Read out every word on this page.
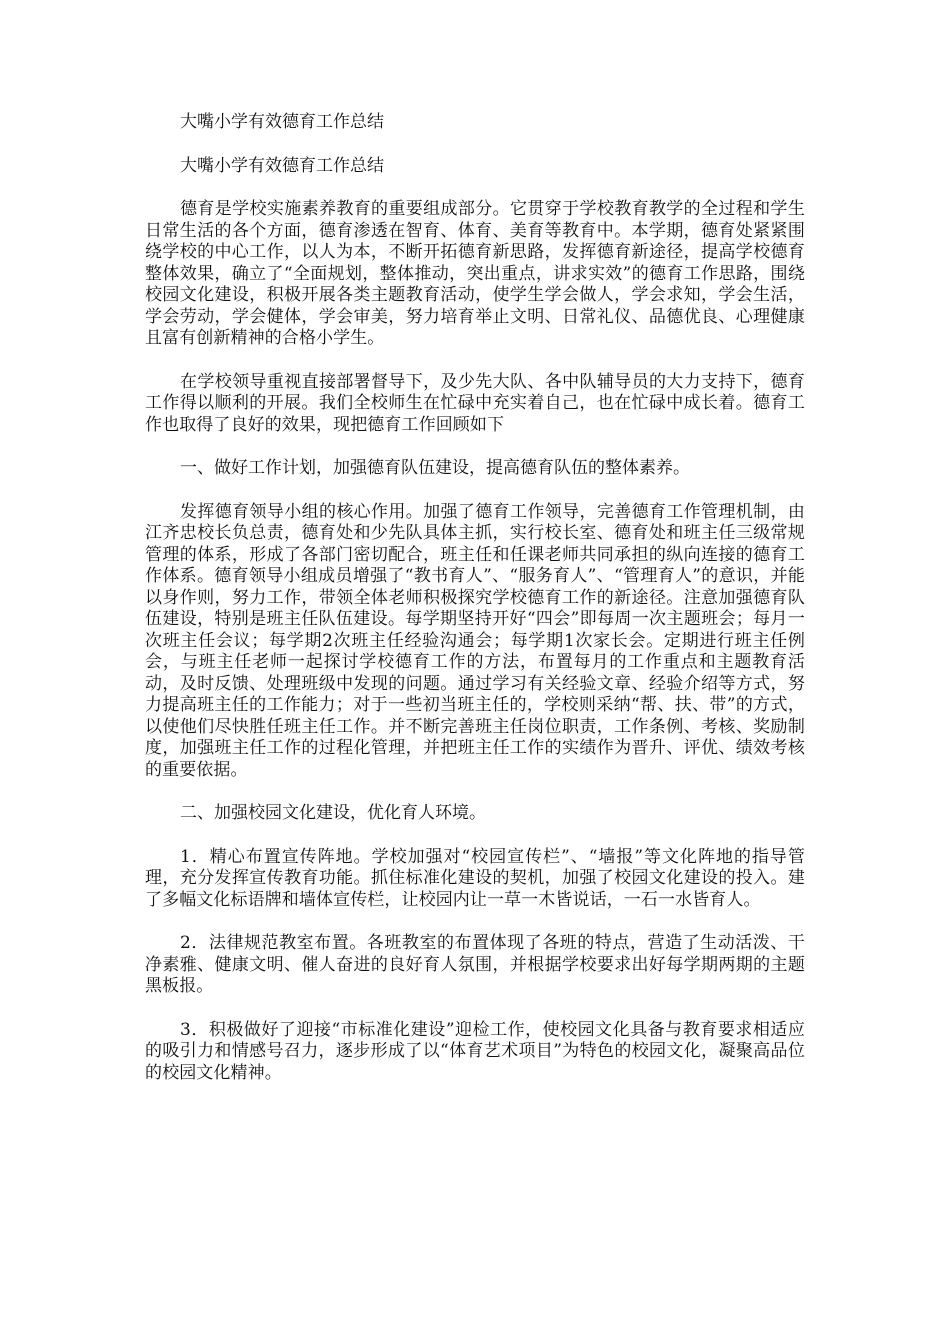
大嘴小学有效德育工作总结

大嘴小学有效德育工作总结

德育是学校实施素养教育的重要组成部分。它贯穿于学校教育教学的全过程和学生日常生活的各个方面，德育渗透在智育、体育、美育等教育中。本学期，德育处紧紧围绕学校的中心工作，以人为本，不断开拓德育新思路，发挥德育新途径，提高学校德育整体效果，确立了“全面规划，整体推动，突出重点，讲求实效”的德育工作思路，围绕校园文化建设，积极开展各类主题教育活动，使学生学会做人，学会求知，学会生活，学会劳动，学会健体，学会审美，努力培育举止文明、日常礼仪、品德优良、心理健康且富有创新精神的合格小学生。

在学校领导重视直接部署督导下，及少先大队、各中队辅导员的大力支持下，德育工作得以顺利的开展。我们全校师生在忙碌中充实着自己，也在忙碌中成长着。德育工作也取得了良好的效果，现把德育工作回顾如下

一、做好工作计划，加强德育队伍建设，提高德育队伍的整体素养。

发挥德育领导小组的核心作用。加强了德育工作领导，完善德育工作管理机制，由江齐忠校长负总责，德育处和少先队具体主抓，实行校长室、德育处和班主任三级常规管理的体系，形成了各部门密切配合，班主任和任课老师共同承担的纵向连接的德育工作体系。德育领导小组成员增强了“教书育人”、“服务育人”、“管理育人”的意识，并能以身作则，努力工作，带领全体老师积极探究学校德育工作的新途径。注意加强德育队伍建设，特别是班主任队伍建设。每学期坚持开好“四会”即每周一次主题班会；每月一次班主任会议；每学期2次班主任经验沟通会；每学期1次家长会。定期进行班主任例会，与班主任老师一起探讨学校德育工作的方法，布置每月的工作重点和主题教育活动，及时反馈、处理班级中发现的问题。通过学习有关经验文章、经验介绍等方式，努力提高班主任的工作能力；对于一些初当班主任的，学校则采纳“帮、扶、带”的方式，以使他们尽快胜任班主任工作。并不断完善班主任岗位职责，工作条例、考核、奖励制度，加强班主任工作的过程化管理，并把班主任工作的实绩作为晋升、评优、绩效考核的重要依据。

二、加强校园文化建设，优化育人环境。

1．精心布置宣传阵地。学校加强对“校园宣传栏”、“墙报”等文化阵地的指导管理，充分发挥宣传教育功能。抓住标准化建设的契机，加强了校园文化建设的投入。建了多幅文化标语牌和墙体宣传栏，让校园内让一草一木皆说话，一石一水皆育人。

2．法律规范教室布置。各班教室的布置体现了各班的特点，营造了生动活泼、干净素雅、健康文明、催人奋进的良好育人氛围，并根据学校要求出好每学期两期的主题黑板报。

3．积极做好了迎接“市标准化建设”迎检工作，使校园文化具备与教育要求相适应的吸引力和情感号召力，逐步形成了以“体育艺术项目”为特色的校园文化，凝聚高品位的校园文化精神。
